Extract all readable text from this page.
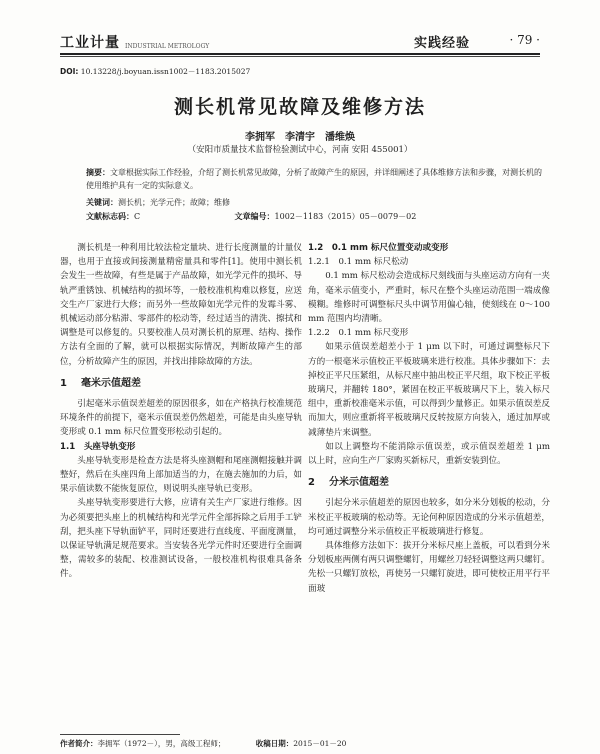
工业计量 INDUSTRIAL METROLOGY	实践经验	· 79 ·
DOI: 10.13228/j.boyuan.issn1002－1183.2015027
测长机常见故障及维修方法
李拥军　李清宇　潘维焕
（安阳市质量技术监督检验测试中心，河南 安阳 455001）
摘要：文章根据实际工作经验，介绍了测长机常见故障，分析了故障产生的原因，并详细阐述了具体维修方法和步骤，对测长机的使用维护具有一定的实际意义。
关键词：测长机；光学元件；故障；维修
文献标志码：C	文章编号：1002－1183（2015）05－0079－02

测长机是一种利用比较法检定量块、进行长度测量的计量仪器，也用于直接或间接测量精密量具和零件[1]。使用中测长机会发生一些故障，有些是属于产品故障，如光学元件的损坏、导轨严重锈蚀、机械结构的损坏等，一般校准机构难以修复，应送交生产厂家进行大修；而另外一些故障如光学元件的发霉斗雾、机械运动部分粘滞、零部件的松动等，经过适当的清洗、擦拭和调整是可以修复的。只要校准人员对测长机的原理、结构、操作方法有全面的了解，就可以根据实际情况，判断故障产生的部位，分析故障产生的原因，并找出排除故障的方法。

1 毫米示值超差

引起毫米示值误差超差的原因很多，如在产格执行校准规范环境条件的前提下，毫米示值误差仍然超差，可能是由头座导轨变形或 0.1 mm 标尺位置变形松动引起的。

1.1　头座导轨变形

头座导轨变形是检查方法是将头座测帽和尾座测帽接触并调整好，然后在头座四角上部加适当的力，在施去施加的力后，如果示值读数不能恢复原位，则说明头座导轨已变形。

头座导轨变形要进行大修，应请有关生产厂家进行维修。因为必须要把头座上的机械结构和光学元件全部拆除之后用手工铲刮，把头座下导轨面铲平，同时还要进行直线度、平面度测量，以保证导轨满足规范要求。当安装各光学元件时还要进行全面调整，需较多的装配、校准测试设备，一般校准机构很难具备条件。

1.2　0.1 mm 标尺位置变动或变形
1.2.1　0.1 mm 标尺松动

0.1 mm 标尺松动会造成标尺刻线面与头座运动方向有一夹角，毫米示值变小，严重时，标尺在整个头座运动范围一端成像模糊。维修时可调整标尺头中调节用偏心轴，使刻线在 0～100 mm 范围内均清晰。

1.2.2　0.1 mm 标尺变形

如果示值误差超差小于 1 μm 以下时，可通过调整标尺下方的一根毫米示值校正平板玻璃来进行校准。具体步骤如下：去掉校正平尺压紧组，从标尺座中抽出校正平尺组，取下校正平板玻璃尺，并翻转 180°，紧固在校正平板玻璃尺下上，装入标尺组中，重新校准毫米示值，可以得到少量修正。如果示值误差反而加大，则应重新将平板玻璃尺反转按原方向装入，通过加厚或减薄垫片来调整。

如以上调整均不能消除示值误差，或示值误差超差 1 μm 以上时，应向生产厂家购买新标尺，重新安装到位。

2 分米示值超差

引起分米示值超差的原因也较多，如分米分划板的松动，分米校正平板玻璃的松动等。无论何种原因造成的分米示值超差，均可通过调整分米示值校正平板玻璃进行修复。

具体维修方法如下：拔开分米标尺座上盖板，可以看到分米分划板座两侧有两只调整螺钉，用螺丝刀轻轻调整这两只螺钉。先松一只螺钉放松，再使另一只螺钉旋进，即可使校正用平行平面玻

作者简介：李拥军（1972－），男，高级工程师；	收稿日期：2015－01－20
